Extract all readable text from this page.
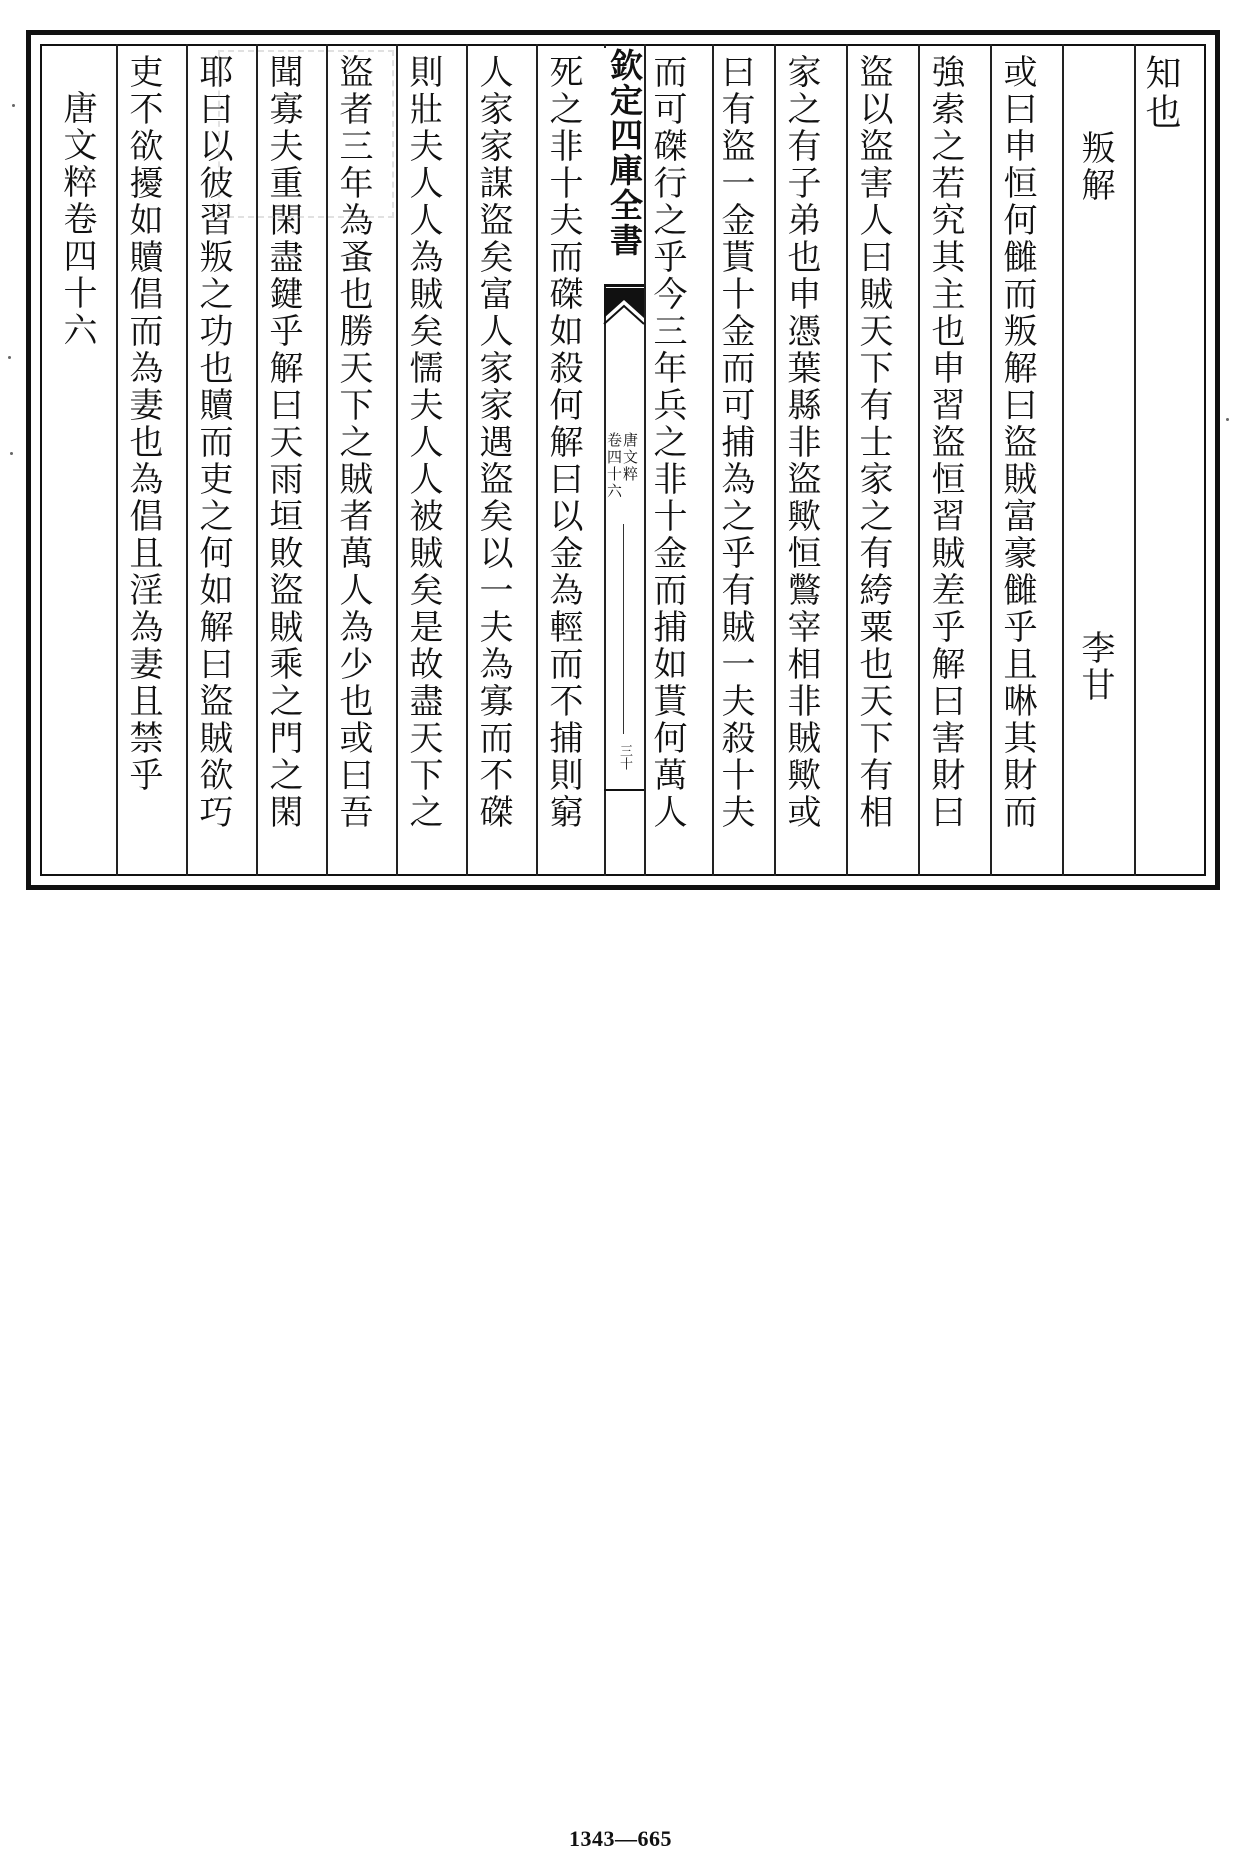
知也
叛解
李甘
或曰申恒何雠而叛解曰盜賊富豪雠乎且啉其財而
強索之若究其主也申習盜恒習賊差乎解曰害財曰
盜以盜害人曰賊天下有士家之有絝粟也天下有相
家之有子弟也申憑葉縣非盜歟恒鷩宰相非賊歟或
曰有盜一金貰十金而可捕為之乎有賊一夫殺十夫
而可磔行之乎今三年兵之非十金而捕如貰何萬人
欽定四庫全書
唐文粹
卷四十六
三十
死之非十夫而磔如殺何解曰以金為輕而不捕則窮
人家家謀盜矣富人家家遇盜矣以一夫為寡而不磔
則壯夫人人為賊矣懦夫人人被賊矣是故盡天下之
盜者三年為蚤也勝天下之賊者萬人為少也或曰吾
聞寡夫重閑盡鍵乎解曰天雨垣敗盜賊乘之門之閑
耶曰以彼習叛之功也贖而吏之何如解曰盜賊欲巧
吏不欲擾如贖倡而為妻也為倡且淫為妻且禁乎
唐文粹卷四十六
1343—665
